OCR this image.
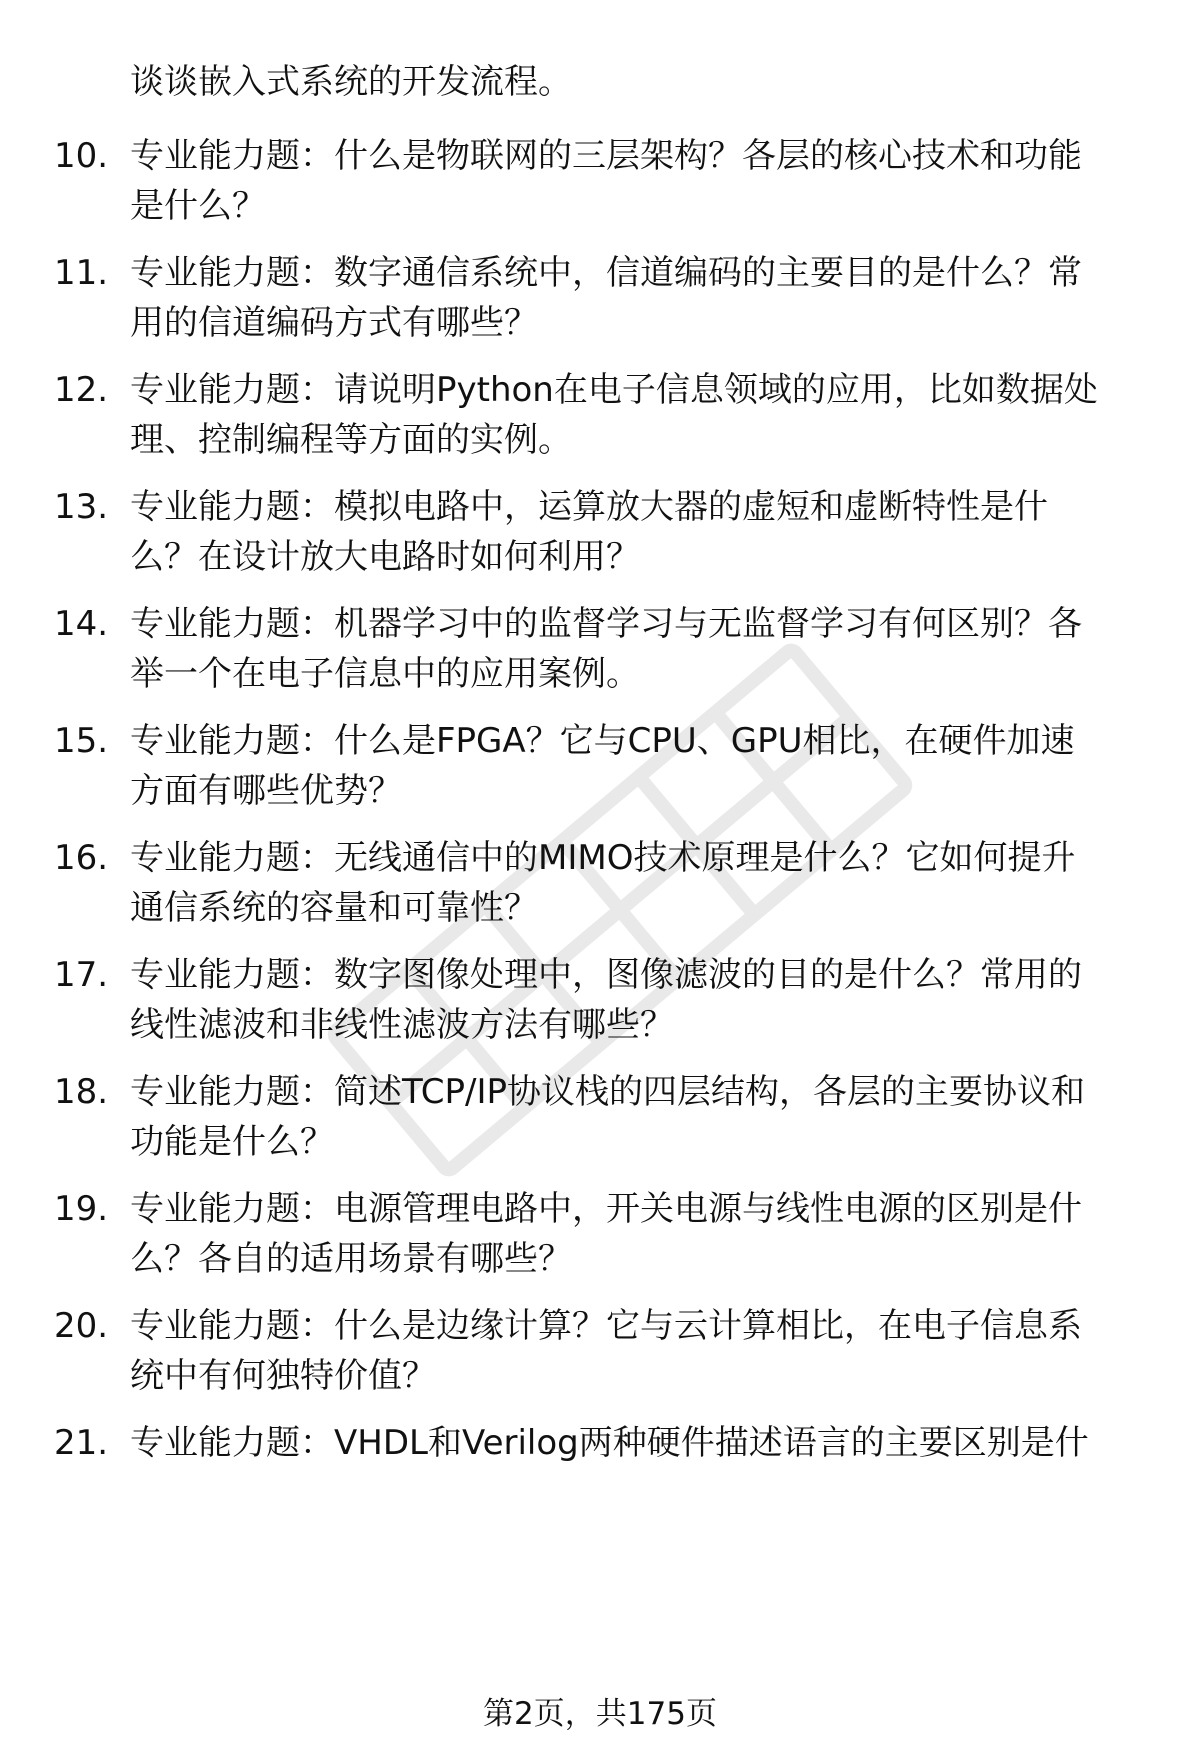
谈谈嵌入式系统的开发流程。
10. 专业能力题：什么是物联网的三层架构？各层的核心技术和功能
是什么？
11. 专业能力题：数字通信系统中，信道编码的主要目的是什么？常
用的信道编码方式有哪些？
12. 专业能力题：请说明Python在电子信息领域的应用，比如数据处
理、控制编程等方面的实例。
13. 专业能力题：模拟电路中，运算放大器的虚短和虚断特性是什
么？在设计放大电路时如何利用？
14. 专业能力题：机器学习中的监督学习与无监督学习有何区别？各
举一个在电子信息中的应用案例。
15. 专业能力题：什么是FPGA？它与CPU、GPU相比，在硬件加速
方面有哪些优势？
16. 专业能力题：无线通信中的MIMO技术原理是什么？它如何提升
通信系统的容量和可靠性？
17. 专业能力题：数字图像处理中，图像滤波的目的是什么？常用的
线性滤波和非线性滤波方法有哪些？
18. 专业能力题：简述TCP/IP协议栈的四层结构，各层的主要协议和
功能是什么？
19. 专业能力题：电源管理电路中，开关电源与线性电源的区别是什
么？各自的适用场景有哪些？
20. 专业能力题：什么是边缘计算？它与云计算相比，在电子信息系
统中有何独特价值？
21. 专业能力题：VHDL和Verilog两种硬件描述语言的主要区别是什
第2页，共175页
